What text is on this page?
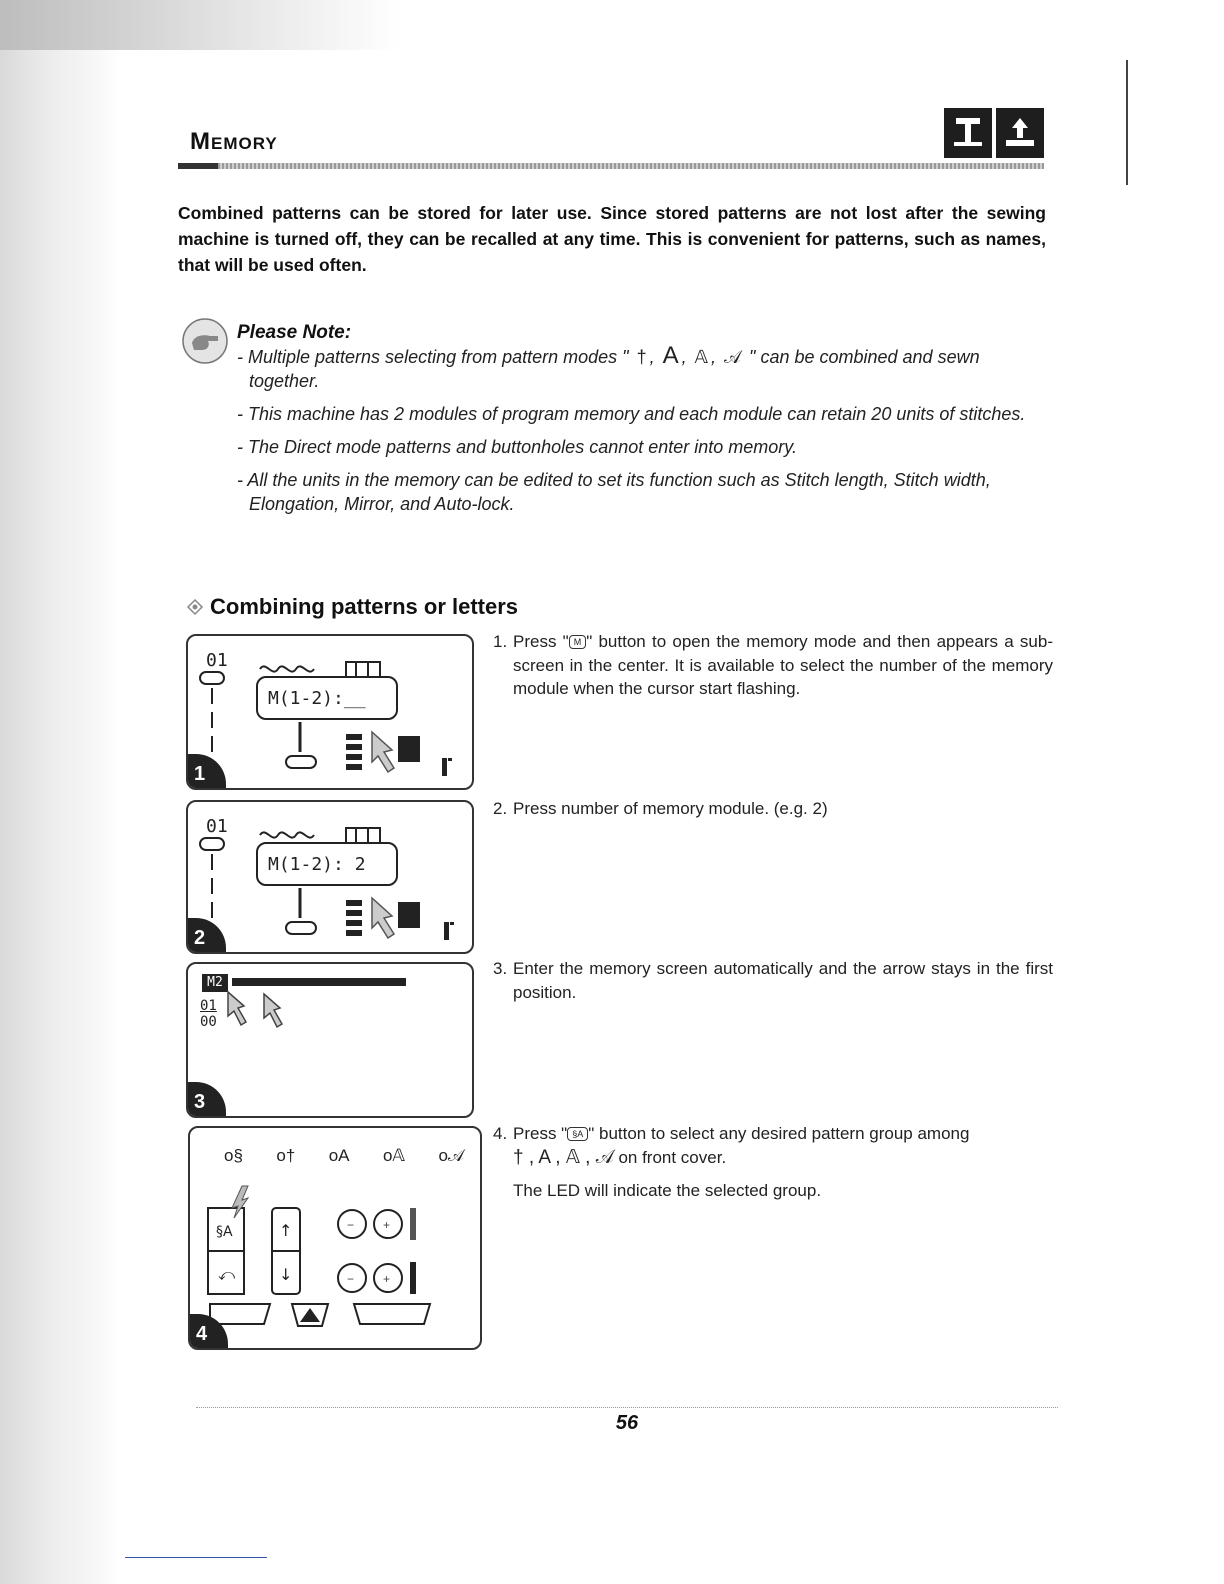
Memory
Combined patterns can be stored for later use. Since stored patterns are not lost after the sewing machine is turned off, they can be recalled at any time. This is convenient for patterns, such as names, that will be used often.
Please Note:
- Multiple patterns selecting from pattern modes " † , A , 𝔸 , 𝒜 " can be combined and sewn together.
- This machine has 2 modules of program memory and each module can retain 20 units of stitches.
- The Direct mode patterns and buttonholes cannot enter into memory.
- All the units in the memory can be edited to set its function such as Stitch length, Stitch width, Elongation, Mirror, and Auto-lock.
Combining patterns or letters
01
M(1-2):__
1
01
M(1-2): 2
2
M2
01
00
3
o§ o† oA o𝔸 o𝒜
§A
⤺
↑
↓
− +
− +
4
1. Press " M " button to open the memory mode and then appears a sub-screen in the center. It is available to select the number of the memory module when the cursor start flashing.
2. Press number of memory module. (e.g. 2)
3. Enter the memory screen automatically and the arrow stays in the first position.
4. Press " §A " button to select any desired pattern group among
† , A , 𝔸 , 𝒜 on front cover.
The LED will indicate the selected group.
56
